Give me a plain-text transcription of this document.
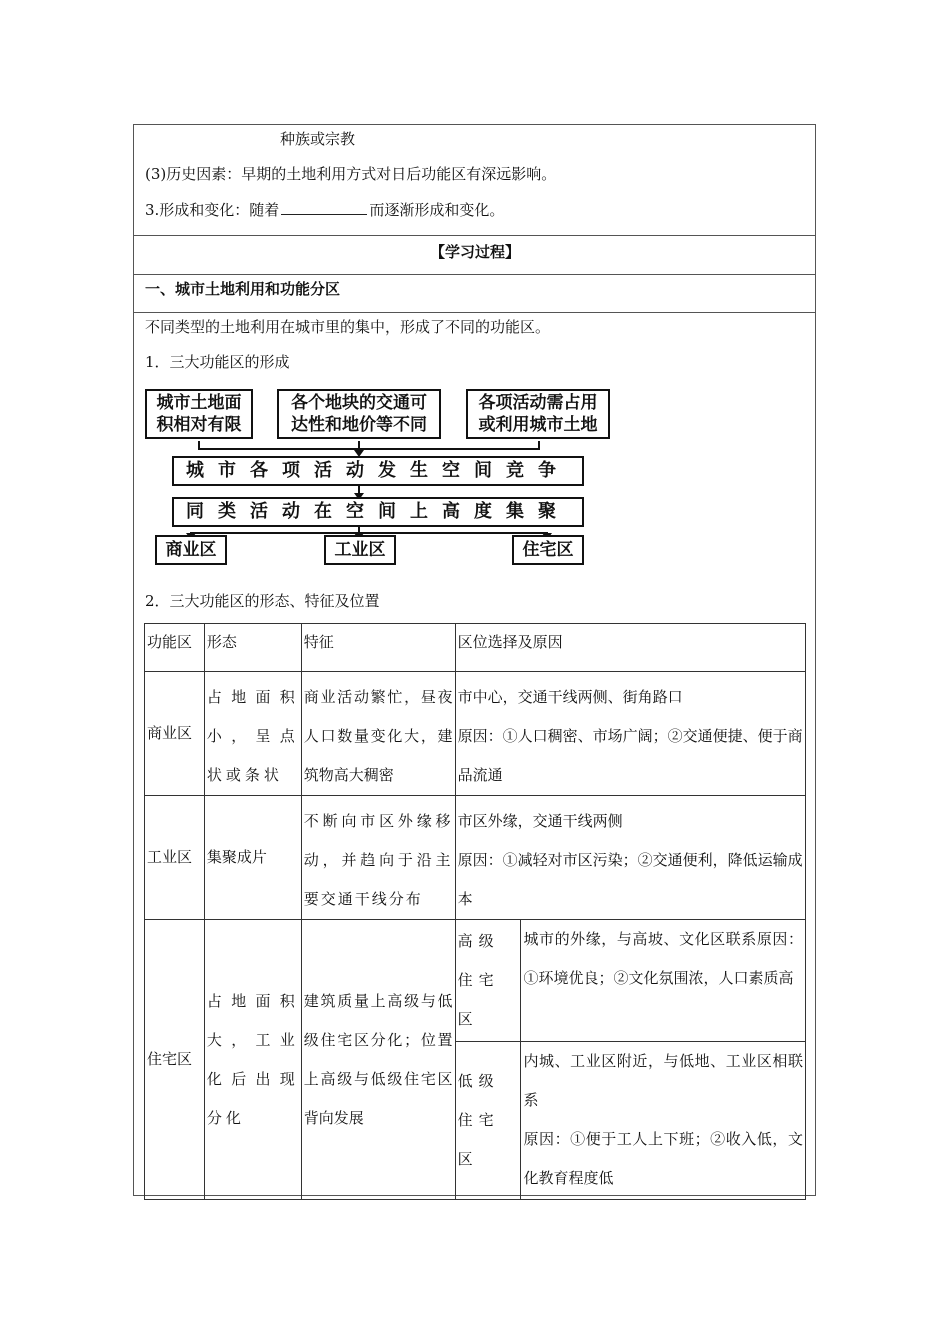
种族或宗教
(3)历史因素：早期的土地利用方式对日后功能区有深远影响。
3.形成和变化：随着	而逐渐形成和变化。
【学习过程】
一、城市土地利用和功能分区
不同类型的土地利用在城市里的集中，形成了不同的功能区。
1．三大功能区的形成
城市土地面
积相对有限
各个地块的交通可
达性和地价等不同
各项活动需占用
或利用城市土地
城市各项活动发生空间竞争
同类活动在空间上高度集聚
商业区	工业区	住宅区
2．三大功能区的形态、特征及位置
功能区	形态	特征	区位选择及原因	
商业区	占地面积小，呈点状或条状	商业活动繁忙，昼夜人口数量变化大，建筑物高大稠密	市中心，交通干线两侧、街角路口
原因：①人口稠密、市场广阔；②交通便捷、便于商品流通	

工业区	集聚成片	不断向市区外缘移动，并趋向于沿主要交通干线分布	市区外缘，交通干线两侧
原因：①减轻对市区污染；②交通便利，降低运输成本	

住宅区	占地面积大，工业化后出现分化	建筑质量上高级与低级住宅区分化；位置上高级与低级住宅区背向发展	高级住宅区	城市的外缘，与高坡、文化区联系原因：①环境优良；②文化氛围浓，人口素质高
			低级住宅区	内城、工业区附近，与低地、工业区相联系
原因：①便于工人上下班；②收入低，文化教育程度低
